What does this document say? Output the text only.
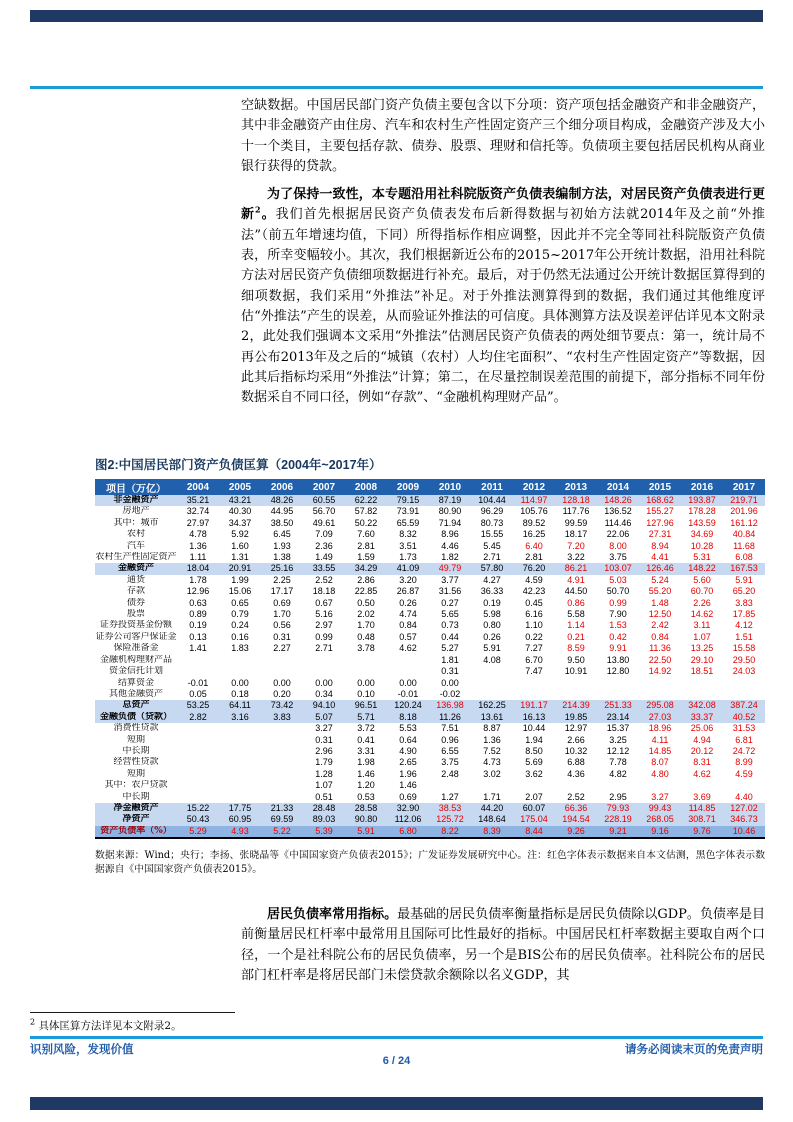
空缺数据。中国居民部门资产负债主要包含以下分项：资产项包括金融资产和非金融资产，其中非金融资产由住房、汽车和农村生产性固定资产三个细分项目构成，金融资产涉及大小十一个类目，主要包括存款、债券、股票、理财和信托等。负债项主要包括居民机构从商业银行获得的贷款。

为了保持一致性，本专题沿用社科院版资产负债表编制方法，对居民资产负债表进行更新$^2$。我们首先根据居民资产负债表发布后新得数据与初始方法就2014年及之前“外推法”（前五年增速均值，下同）所得指标作相应调整，因此并不完全等同社科院版资产负债表，所幸变幅较小。其次，我们根据新近公布的2015~2017年公开统计数据，沿用社科院方法对居民资产负债细项数据进行补充。最后，对于仍然无法通过公开统计数据匡算得到的细项数据，我们采用“外推法”补足。对于外推法测算得到的数据，我们通过其他维度评估“外推法”产生的误差，从而验证外推法的可信度。具体测算方法及误差评估详见本文附录2，此处我们强调本文采用“外推法”估测居民资产负债表的两处细节要点：第一，统计局不再公布2013年及之后的“城镇（农村）人均住宅面积”、“农村生产性固定资产”等数据，因此其后指标均采用“外推法”计算；第二，在尽量控制误差范围的前提下，部分指标不同年份数据采自不同口径，例如“存款”、“金融机构理财产品”。

图2:中国居民部门资产负债匡算（2004年~2017年）
项目（万亿）	2004	2005	2006	2007	2008	2009	2010	2011	2012	2013	2014	2015	2016	2017
非金融资产	35.21	43.21	48.26	60.55	62.22	79.15	87.19	104.44	114.97	128.18	148.26	168.62	193.87	219.71
房地产	32.74	40.30	44.95	56.70	57.82	73.91	80.90	96.29	105.76	117.76	136.52	155.27	178.28	201.96
其中：城市	27.97	34.37	38.50	49.61	50.22	65.59	71.94	80.73	89.52	99.59	114.46	127.96	143.59	161.12
农村	4.78	5.92	6.45	7.09	7.60	8.32	8.96	15.55	16.25	18.17	22.06	27.31	34.69	40.84
汽车	1.36	1.60	1.93	2.36	2.81	3.51	4.46	5.45	6.40	7.20	8.00	8.94	10.28	11.68
农村生产性固定资产	1.11	1.31	1.38	1.49	1.59	1.73	1.82	2.71	2.81	3.22	3.75	4.41	5.31	6.08
金融资产	18.04	20.91	25.16	33.55	34.29	41.09	49.79	57.80	76.20	86.21	103.07	126.46	148.22	167.53
通货	1.78	1.99	2.25	2.52	2.86	3.20	3.77	4.27	4.59	4.91	5.03	5.24	5.60	5.91
存款	12.96	15.06	17.17	18.18	22.85	26.87	31.56	36.33	42.23	44.50	50.70	55.20	60.70	65.20
债券	0.63	0.65	0.69	0.67	0.50	0.26	0.27	0.19	0.45	0.86	0.99	1.48	2.26	3.83
股票	0.89	0.79	1.70	5.16	2.02	4.74	5.65	5.98	6.16	5.58	7.90	12.50	14.62	17.85
证券投资基金份额	0.19	0.24	0.56	2.97	1.70	0.84	0.73	0.80	1.10	1.14	1.53	2.42	3.11	4.12
证券公司客户保证金	0.13	0.16	0.31	0.99	0.48	0.57	0.44	0.26	0.22	0.21	0.42	0.84	1.07	1.51
保险准备金	1.41	1.83	2.27	2.71	3.78	4.62	5.27	5.91	7.27	8.59	9.91	11.36	13.25	15.58
金融机构理财产品							1.81	4.08	6.70	9.50	13.80	22.50	29.10	29.50
资金信托计划							0.31		7.47	10.91	12.80	14.92	18.51	24.03
结算资金	-0.01	0.00	0.00	0.00	0.00	0.00	0.00							
其他金融资产	0.05	0.18	0.20	0.34	0.10	-0.01	-0.02							
总资产	53.25	64.11	73.42	94.10	96.51	120.24	136.98	162.25	191.17	214.39	251.33	295.08	342.08	387.24
金融负债（贷款）	2.82	3.16	3.83	5.07	5.71	8.18	11.26	13.61	16.13	19.85	23.14	27.03	33.37	40.52
消费性贷款				3.27	3.72	5.53	7.51	8.87	10.44	12.97	15.37	18.96	25.06	31.53
短期				0.31	0.41	0.64	0.96	1.36	1.94	2.66	3.25	4.11	4.94	6.81
中长期				2.96	3.31	4.90	6.55	7.52	8.50	10.32	12.12	14.85	20.12	24.72
经营性贷款				1.79	1.98	2.65	3.75	4.73	5.69	6.88	7.78	8.07	8.31	8.99
短期				1.28	1.46	1.96	2.48	3.02	3.62	4.36	4.82	4.80	4.62	4.59
其中：农户贷款				1.07	1.20	1.46								
中长期				0.51	0.53	0.69	1.27	1.71	2.07	2.52	2.95	3.27	3.69	4.40
净金融资产	15.22	17.75	21.33	28.48	28.58	32.90	38.53	44.20	60.07	66.36	79.93	99.43	114.85	127.02
净资产	50.43	60.95	69.59	89.03	90.80	112.06	125.72	148.64	175.04	194.54	228.19	268.05	308.71	346.73
资产负债率（%）	5.29	4.93	5.22	5.39	5.91	6.80	8.22	8.39	8.44	9.26	9.21	9.16	9.76	10.46
数据来源：Wind；央行；李扬、张晓晶等《中国国家资产负债表2015》；广发证券发展研究中心。注：红色字体表示数据来自本文估测，黑色字体表示数据源自《中国国家资产负债表2015》。

居民负债率常用指标。最基础的居民负债率衡量指标是居民负债除以GDP。负债率是目前衡量居民杠杆率中最常用且国际可比性最好的指标。中国居民杠杆率数据主要取自两个口径，一个是社科院公布的居民负债率，另一个是BIS公布的居民负债率。社科院公布的居民部门杠杆率是将居民部门未偿贷款余额除以名义GDP，其

$^2$ 具体匡算方法详见本文附录2。
识别风险，发现价值	请务必阅读末页的免责声明
6 / 24
